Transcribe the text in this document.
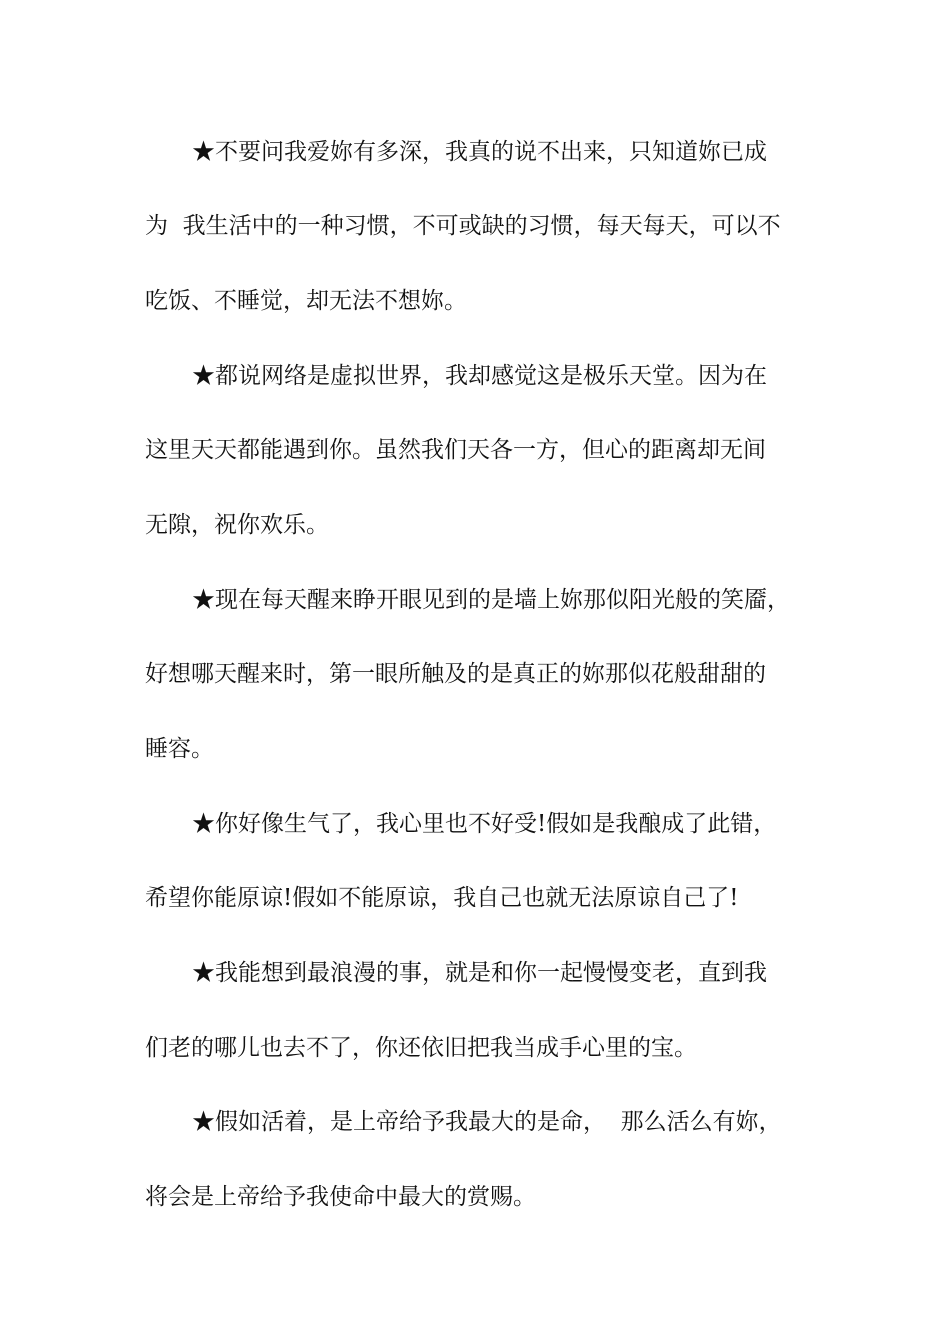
★不要问我爱妳有多深，我真的说不出来，只知道妳已成

为  我生活中的一种习惯，不可或缺的习惯，每天每天，可以不

吃饭、不睡觉，却无法不想妳。

★都说网络是虚拟世界，我却感觉这是极乐天堂。因为在

这里天天都能遇到你。虽然我们天各一方，但心的距离却无间

无隙，祝你欢乐。

★现在每天醒来睁开眼见到的是墙上妳那似阳光般的笑靥，

好想哪天醒来时，第一眼所触及的是真正的妳那似花般甜甜的

睡容。

★你好像生气了，我心里也不好受!假如是我酿成了此错，

希望你能原谅!假如不能原谅，我自己也就无法原谅自己了!

★我能想到最浪漫的事，就是和你一起慢慢变老，直到我

们老的哪儿也去不了，你还依旧把我当成手心里的宝。

★假如活着，是上帝给予我最大的是命，  那么活么有妳，

将会是上帝给予我使命中最大的赏赐。
